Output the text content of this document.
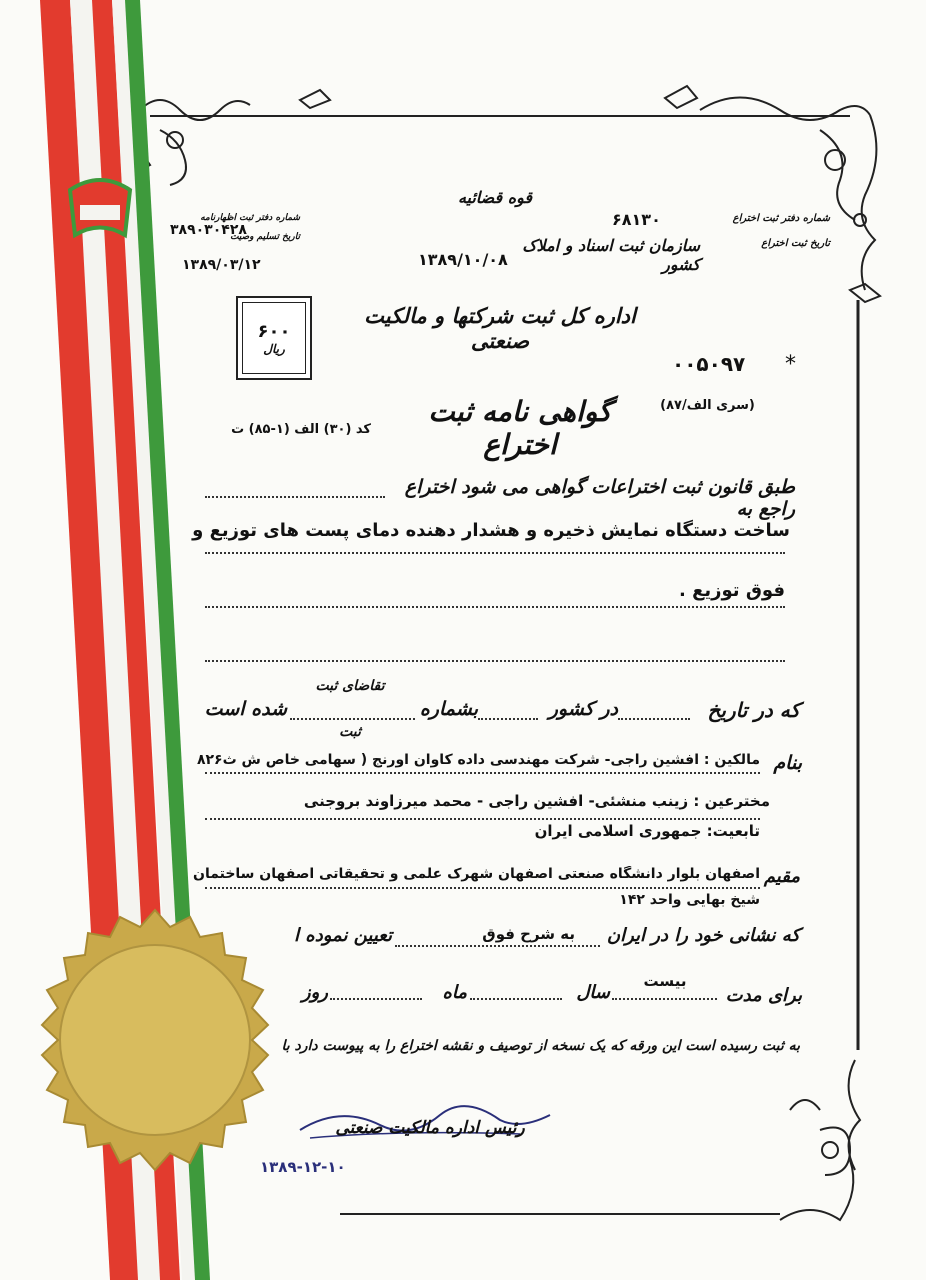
شماره دفتر ثبت اظهارنامه
تاریخ تسلیم وصیت
۳۸۹۰۳۰۴۲۸
۱۳۸۹/۰۳/۱۲
قوه قضائیه
شماره دفتر ثبت اختراع
۶۸۱۳۰
تاریخ ثبت اختراع
۱۳۸۹/۱۰/۰۸
سازمان ثبت اسناد و املاک کشور
اداره کل ثبت شرکتها و مالکیت صنعتی
۶۰۰
ریال
*
۰۰۵۰۹۷
(سری الف/۸۷)
گواهی نامه ثبت اختراع
کد (۳۰) الف (۱-۸۵) ت
طبق قانون ثبت اختراعات گواهی می شود اختراع راجع به
ساخت دستگاه نمایش ذخیره و هشدار دهنده دمای پست های توزیع و
فوق توزیع .
که در تاریخ
در کشور
بشماره
تقاضای ثبت
ثبت
شده است
بنام
مالکین : افشین راجی- شرکت مهندسی داده کاوان اورنج ( سهامی خاص ش ث۸۲۶
مخترعین : زینب منشئی- افشین راجی - محمد میرزاوند بروجنی
تابعیت: جمهوری اسلامی ایران
مقیم
اصفهان بلوار دانشگاه صنعتی اصفهان شهرک علمی و تحقیقاتی اصفهان ساختمان
شیخ بهایی واحد ۱۴۲
که نشانی خود را در ایران
به شرح فوق
تعیین نموده ا
برای مدت
بیست
سال
ماه
روز
به ثبت رسیده است این ورقه که یک نسخه از توصیف و نقشه اختراع را به پیوست دارد با
رئیس اداره مالکیت صنعتی
۱۳۸۹-۱۲-۱۰
